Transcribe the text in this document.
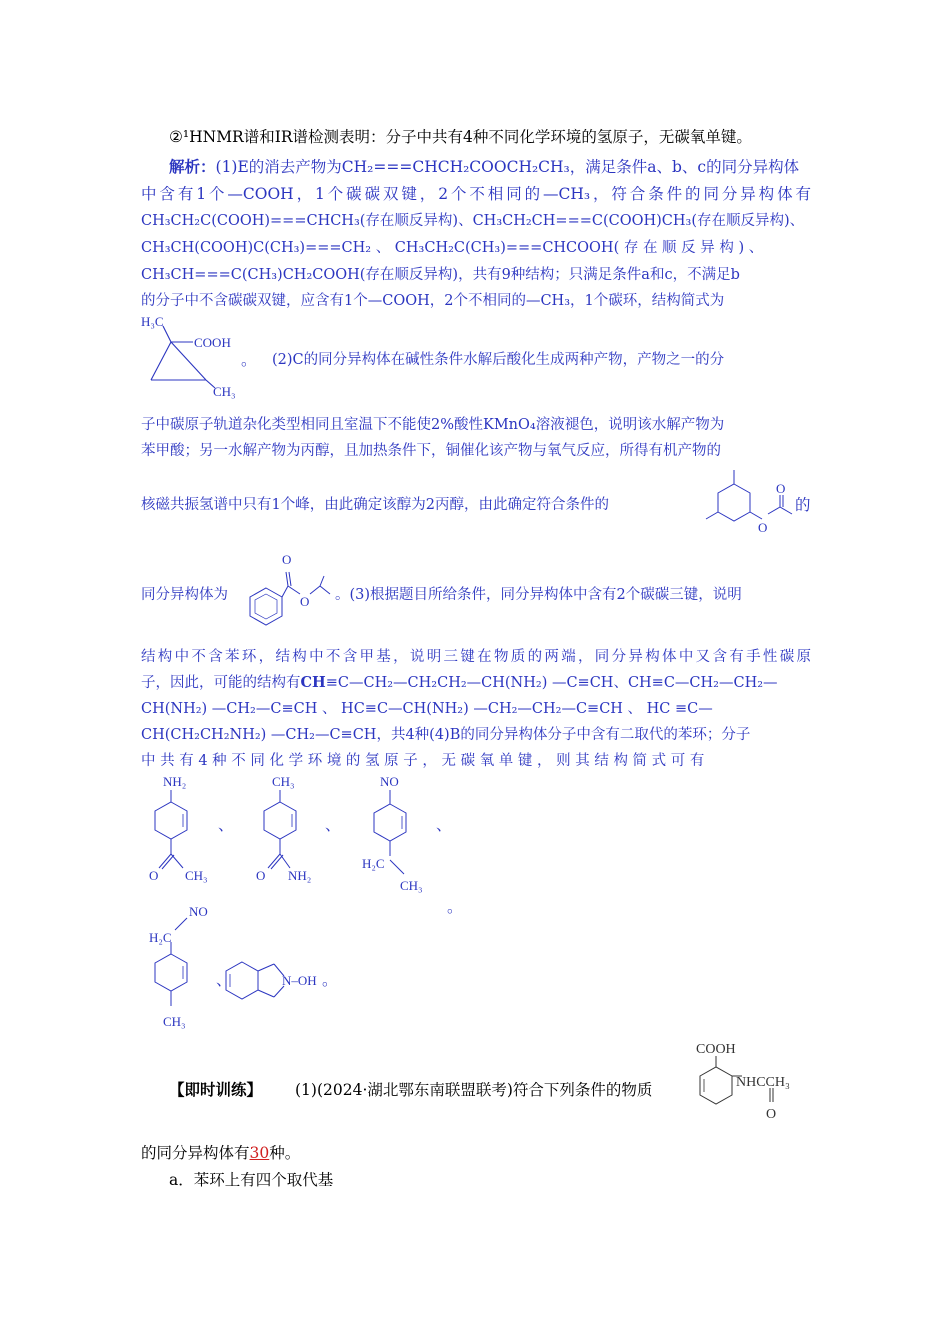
②¹HNMR谱和IR谱检测表明：分子中共有4种不同化学环境的氢原子，无碳氧单键。
解析：(1)E的消去产物为CH₂===CHCH₂COOCH₂CH₃，满足条件a、b、c的同分异构体
中含有1个—COOH，1个碳碳双键，2个不相同的—CH₃，符合条件的同分异构体有
CH₃CH₂C(COOH)===CHCH₃(存在顺反异构)、CH₃CH₂CH===C(COOH)CH₃(存在顺反异构)、
CH₃CH(COOH)C(CH₃)===CH₂ 、 CH₃CH₂C(CH₃)===CHCOOH( 存 在 顺 反 异 构 ) 、
CH₃CH===C(CH₃)CH₂COOH(存在顺反异构)，共有9种结构；只满足条件a和c，不满足b
的分子中不含碳碳双键，应含有1个—COOH，2个不相同的—CH₃，1个碳环，结构简式为
H₃C
COOH
CH₃
。 (2)C的同分异构体在碱性条件水解后酸化生成两种产物，产物之一的分
子中碳原子轨道杂化类型相同且室温下不能使2%酸性KMnO₄溶液褪色，说明该水解产物为
苯甲酸；另一水解产物为丙醇，且加热条件下，铜催化该产物与氧气反应，所得有机产物的
核磁共振氢谱中只有1个峰，由此确定该醇为2丙醇，由此确定符合条件的
O
O
的
同分异构体为
O
O 。(3)根据题目所给条件，同分异构体中含有2个碳碳三键，说明
结构中不含苯环，结构中不含甲基，说明三键在物质的两端，同分异构体中又含有手性碳原
子，因此，可能的结构有CH≡C—CH₂—CH₂CH₂—CH(NH₂) —C≡CH、CH≡C—CH₂—CH₂—
CH(NH₂) —CH₂—C≡CH 、 HC≡C—CH(NH₂) —CH₂—CH₂—C≡CH 、 HC ≡C—
CH(CH₂CH₂NH₂) —CH₂—C≡CH，共4种(4)B的同分异构体分子中含有二取代的苯环；分子
中 共 有 4 种 不 同 化 学 环 境 的 氢 原 子 ， 无 碳 氧 单 键 ， 则 其 结 构 简 式 可 有
NH₂
O CH₃
、
CH₃
O NH₂
、
NO
H₂C
CH₃
、
。
NO
H₂C
CH₃
、	N–OH 。
【即时训练】 (1)(2024·湖北鄂东南联盟联考)符合下列条件的物质
COOH
NHCCH₃
O
的同分异构体有30种。
a．苯环上有四个取代基
